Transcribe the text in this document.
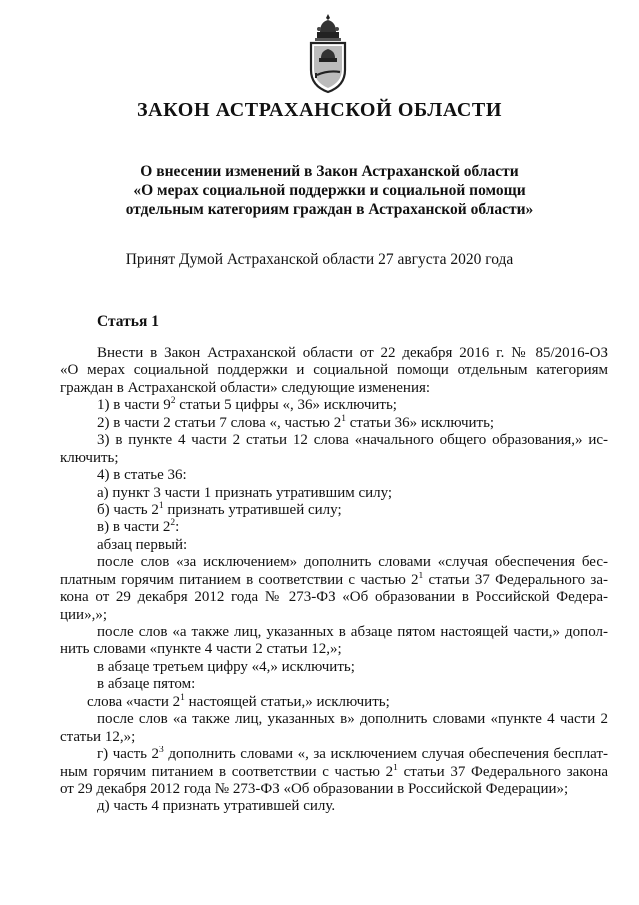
ЗАКОН АСТРАХАНСКОЙ ОБЛАСТИ
О внесении изменений в Закон Астраханской области
«О мерах социальной поддержки и социальной помощи
отдельным категориям граждан в Астраханской области»
Принят Думой Астраханской области 27 августа 2020 года
Статья 1
Внести в Закон Астраханской области от 22 декабря 2016 г. № 85/2016-ОЗ
«О мерах социальной поддержки и социальной помощи отдельным категориям
граждан в Астраханской области» следующие изменения:
1) в части $9^2$ статьи 5 цифры «, 36» исключить;
2) в части 2 статьи 7 слова «, частью $2^1$ статьи 36» исключить;
3) в пункте 4 части 2 статьи 12 слова «начального общего образования,» ис-
ключить;
4) в статье 36:
а) пункт 3 части 1 признать утратившим силу;
б) часть $2^1$ признать утратившей силу;
в) в части $2^2$:
абзац первый:
после слов «за исключением» дополнить словами «случая обеспечения бес-
платным горячим питанием в соответствии с частью $2^1$ статьи 37 Федерального за-
кона от 29 декабря 2012 года № 273-ФЗ «Об образовании в Российской Федера-
ции»,»;
после слов «а также лиц, указанных в абзаце пятом настоящей части,» допол-
нить словами «пункте 4 части 2 статьи 12,»;
в абзаце третьем цифру «4,» исключить;
в абзаце пятом:
слова «части $2^1$ настоящей статьи,» исключить;
после слов «а также лиц, указанных в» дополнить словами «пункте 4 части 2
статьи 12,»;
г) часть $2^3$ дополнить словами «, за исключением случая обеспечения бесплат-
ным горячим питанием в соответствии с частью $2^1$ статьи 37 Федерального закона
от 29 декабря 2012 года № 273-ФЗ «Об образовании в Российской Федерации»;
д) часть 4 признать утратившей силу.
